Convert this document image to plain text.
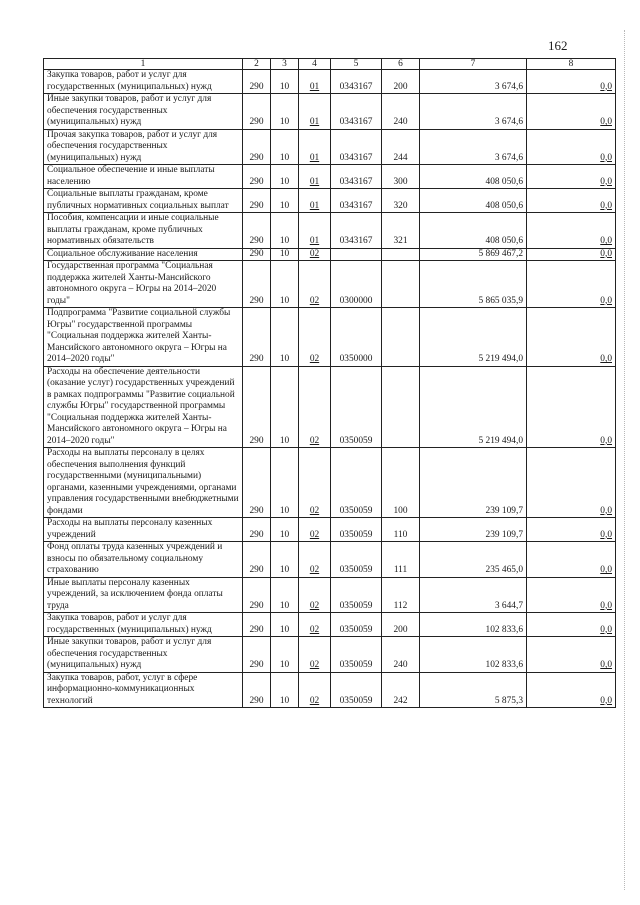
162
1	2	3	4	5	6	7	8
Закупка товаров, работ и услуг для государственных (муниципальных) нужд	290	10	01	0343167	200	3 674,6	0,0
Иные закупки товаров, работ и услуг для обеспечения государственных (муниципальных) нужд	290	10	01	0343167	240	3 674,6	0,0
Прочая закупка товаров, работ и услуг для обеспечения государственных (муниципальных) нужд	290	10	01	0343167	244	3 674,6	0,0
Социальное обеспечение и иные выплаты населению	290	10	01	0343167	300	408 050,6	0,0
Социальные выплаты гражданам, кроме публичных нормативных социальных выплат	290	10	01	0343167	320	408 050,6	0,0
Пособия, компенсации и иные социальные выплаты гражданам, кроме публичных нормативных обязательств	290	10	01	0343167	321	408 050,6	0,0
Социальное обслуживание населения	290	10	02			5 869 467,2	0,0
Государственная программа "Социальная поддержка жителей Ханты-Мансийского автономного округа – Югры на 2014–2020 годы"	290	10	02	0300000		5 865 035,9	0,0
Подпрограмма "Развитие социальной службы Югры" государственной программы "Социальная поддержка жителей Ханты-Мансийского автономного округа – Югры на 2014–2020 годы"	290	10	02	0350000		5 219 494,0	0,0
Расходы на обеспечение деятельности (оказание услуг) государственных учреждений в рамках подпрограммы "Развитие социальной службы Югры" государственной программы "Социальная поддержка жителей Ханты-Мансийского автономного округа – Югры на 2014–2020 годы"	290	10	02	0350059		5 219 494,0	0,0
Расходы на выплаты персоналу в целях обеспечения выполнения функций государственными (муниципальными) органами, казенными учреждениями, органами управления государственными внебюджетными фондами	290	10	02	0350059	100	239 109,7	0,0
Расходы на выплаты персоналу казенных учреждений	290	10	02	0350059	110	239 109,7	0,0
Фонд оплаты труда казенных учреждений и взносы по обязательному социальному страхованию	290	10	02	0350059	111	235 465,0	0,0
Иные выплаты персоналу казенных учреждений, за исключением фонда оплаты труда	290	10	02	0350059	112	3 644,7	0,0
Закупка товаров, работ и услуг для государственных (муниципальных) нужд	290	10	02	0350059	200	102 833,6	0,0
Иные закупки товаров, работ и услуг для обеспечения государственных (муниципальных) нужд	290	10	02	0350059	240	102 833,6	0,0
Закупка товаров, работ, услуг в сфере информационно-коммуникационных технологий	290	10	02	0350059	242	5 875,3	0,0
